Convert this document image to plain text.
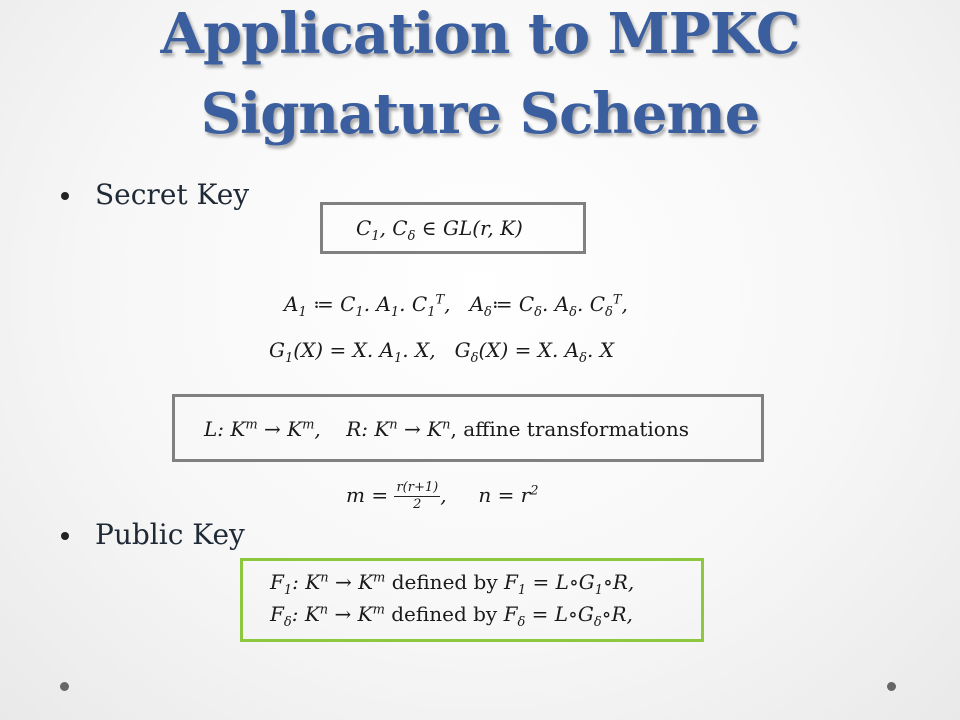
Application to MPKC
Signature Scheme
Secret Key
$C_1$, $C_\delta$ ∈ GL(r, K)
$A_1$ ≔ $C_1$. $A_1$. $C_1^T$,   $A_\delta≔$ $C_\delta$. $A_\delta$. $C_\delta^T$,
$G_1(X) = X$. $A_1$. X,   $G_\delta(X) = X$. $A_\delta$. X
L: $K^m \to K^m$,    R: $K^n \to K^n$, affine transformations
$m = \frac{r(r+1)}{2}$ ,     $n = r^2$
Public Key
$F_1$: $K^n \to K^m$ defined by $F_1$ = $L\circ G_1\circ R$,
$F_\delta$: $K^n \to K^m$ defined by $F_\delta$ = $L\circ G_\delta\circ R$,
